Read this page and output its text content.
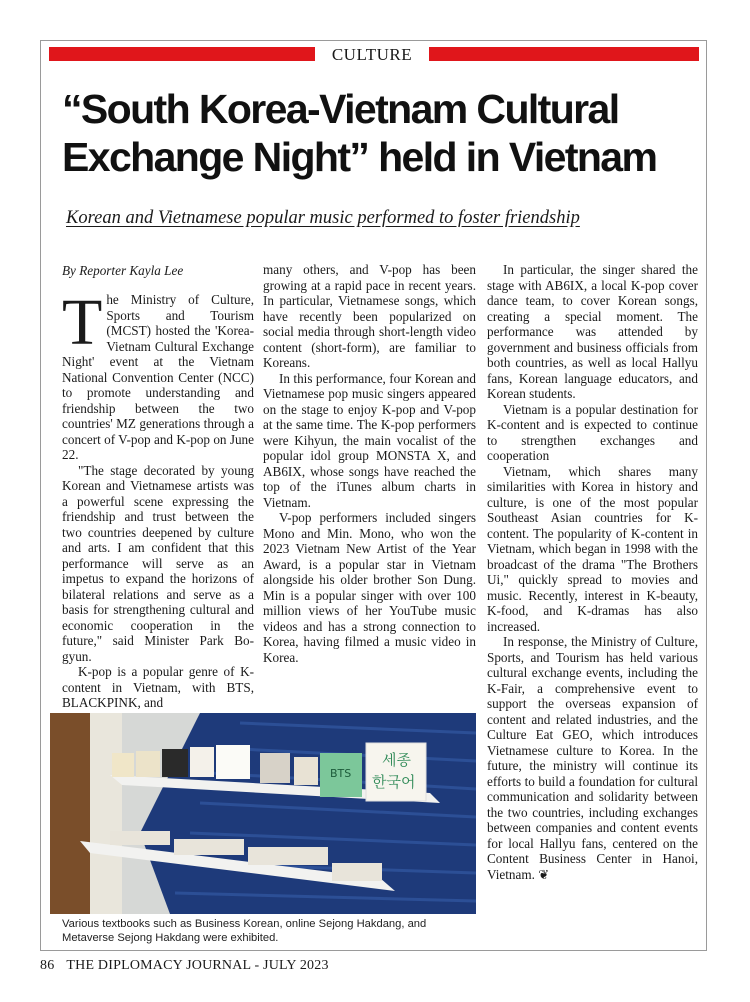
CULTURE
“South Korea-Vietnam Cultural
Exchange Night” held in Vietnam
Korean and Vietnamese popular music performed to foster friendship
By Reporter Kayla Lee

The Ministry of Culture, Sports and Tourism (MCST) hosted the 'Korea-Vietnam Cultural Exchange Night' event at the Vietnam National Convention Center (NCC) to promote understanding and friendship between the two countries' MZ generations through a concert of V-pop and K-pop on June 22.

"The stage decorated by young Korean and Vietnamese artists was a powerful scene expressing the friendship and trust between the two countries deepened by culture and arts. I am confident that this performance will serve as an impetus to expand the horizons of bilateral relations and serve as a basis for strengthening cultural and economic cooperation in the future," said Minister Park Bo-gyun.

K-pop is a popular genre of K-content in Vietnam, with BTS, BLACKPINK, and

many others, and V-pop has been growing at a rapid pace in recent years. In particular, Vietnamese songs, which have recently been popularized on social media through short-length video content (short-form), are familiar to Koreans.

In this performance, four Korean and Vietnamese pop music singers appeared on the stage to enjoy K-pop and V-pop at the same time. The K-pop performers were Kihyun, the main vocalist of the popular idol group MONSTA X, and AB6IX, whose songs have reached the top of the iTunes album charts in Vietnam.

V-pop performers included singers Mono and Min. Mono, who won the 2023 Vietnam New Artist of the Year Award, is a popular star in Vietnam alongside his older brother Son Dung. Min is a popular singer with over 100 million views of her YouTube music videos and has a strong connection to Korea, having filmed a music video in Korea.

In particular, the singer shared the stage with AB6IX, a local K-pop cover dance team, to cover Korean songs, creating a special moment. The performance was attended by government and business officials from both countries, as well as local Hallyu fans, Korean language educators, and Korean students.

Vietnam is a popular destination for K-content and is expected to continue to strengthen exchanges and cooperation

Vietnam, which shares many similarities with Korea in history and culture, is one of the most popular Southeast Asian countries for K-content. The popularity of K-content in Vietnam, which began in 1998 with the broadcast of the drama "The Brothers Ui," quickly spread to movies and music. Recently, interest in K-beauty, K-food, and K-dramas has also increased.

In response, the Ministry of Culture, Sports, and Tourism has held various cultural exchange events, including the K-Fair, a comprehensive event to support the overseas expansion of content and related industries, and the Culture Eat GEO, which introduces Vietnamese culture to Korea. In the future, the ministry will continue its efforts to build a foundation for cultural communication and solidarity between the two countries, including exchanges between companies and content events for local Hallyu fans, centered on the Content Business Center in Hanoi, Vietnam. ❦

BTS
세종
한국어
Various textbooks such as Business Korean, online Sejong Hakdang, and Metaverse Sejong Hakdang were exhibited.
86 THE DIPLOMACY JOURNAL - JULY 2023
